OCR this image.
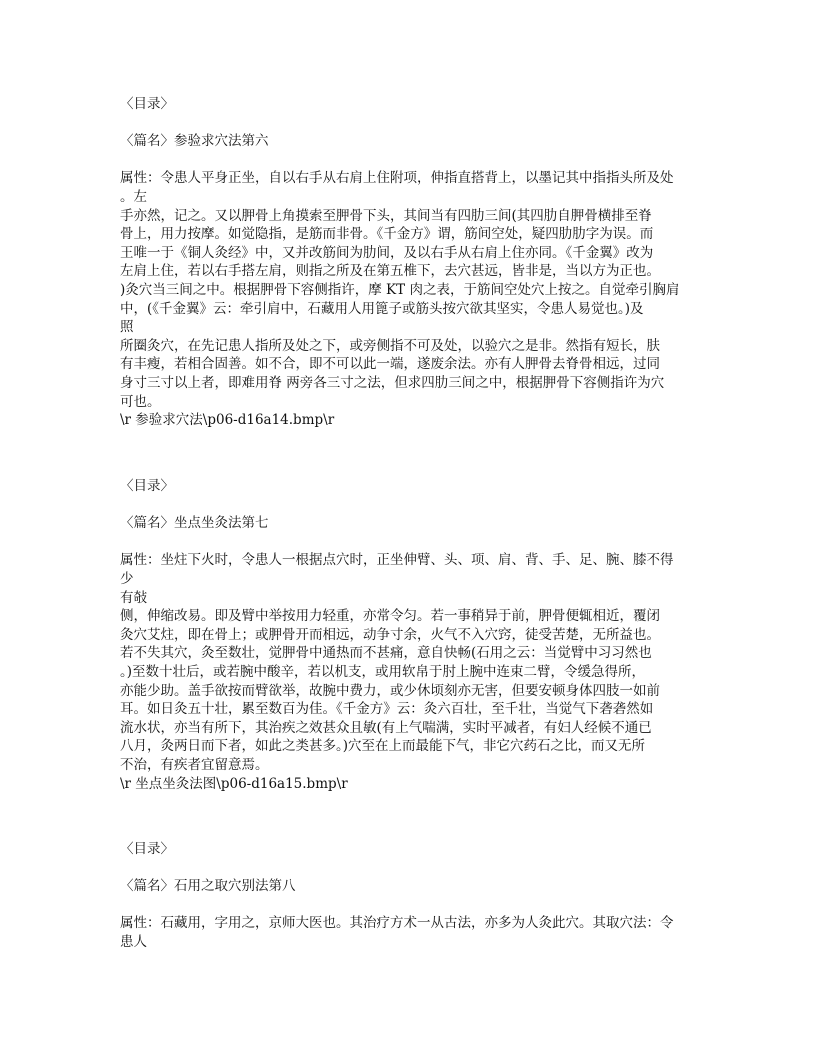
〈目录〉
〈篇名〉参验求穴法第六
属性：令患人平身正坐，自以右手从右肩上住附项，伸指直搭背上，以墨记其中指指头所及处
。左
手亦然，记之。又以胛骨上角摸索至胛骨下头，其间当有四肋三间(其四肋自胛骨横排至脊
骨上，用力按摩。如觉隐指，是筋而非骨。《千金方》谓，筋间空处，疑四肋肋字为误。而
王唯一于《铜人灸经》中，又并改筋间为肋间，及以右手从右肩上住亦同。《千金翼》改为
左肩上住，若以右手搭左肩，则指之所及在第五椎下，去穴甚远，皆非是，当以方为正也。
)灸穴当三间之中。根据胛骨下容侧指许，摩 KT 肉之表，于筋间空处穴上按之。自觉牵引胸肩
中，(《千金翼》云：牵引肩中，石藏用人用篦子或筋头按穴欲其坚实，令患人易觉也。)及
照
所圈灸穴，在先记患人指所及处之下，或旁侧指不可及处，以验穴之是非。然指有短长，肤
有丰瘦，若相合固善。如不合，即不可以此一端，遂废余法。亦有人胛骨去脊骨相远，过同
身寸三寸以上者，即难用脊 两旁各三寸之法，但求四肋三间之中，根据胛骨下容侧指许为穴
可也。
\r 参验求穴法\p06-d16a14.bmp\r
〈目录〉
〈篇名〉坐点坐灸法第七
属性：坐炷下火时，令患人一根据点穴时，正坐伸臂、头、项、肩、背、手、足、腕、膝不得
少
有敧
侧，伸缩改易。即及臂中举按用力轻重，亦常令匀。若一事稍异于前，胛骨便辄相近，覆闭
灸穴艾炷，即在骨上；或胛骨开而相远，动争寸余，火气不入穴窍，徒受苦楚，无所益也。
若不失其穴，灸至数壮，觉胛骨中通热而不甚痛，意自快畅(石用之云：当觉臂中习习然也
。)至数十壮后，或若腕中酸辛，若以机支，或用软帛于肘上腕中连束二臂，令缓急得所，
亦能少助。盖手欲按而臂欲举，故腕中费力，或少休顷刻亦无害，但要安顿身体四肢一如前
耳。如日灸五十壮，累至数百为佳。《千金方》云：灸六百壮，至千壮，当觉气下砻砻然如
流水状，亦当有所下，其治疾之效甚众且敏(有上气喘满，实时平减者，有妇人经候不通已
八月，灸两日而下者，如此之类甚多。)穴至在上而最能下气，非它穴药石之比，而又无所
不治，有疾者宜留意焉。
\r 坐点坐灸法图\p06-d16a15.bmp\r
〈目录〉
〈篇名〉石用之取穴别法第八
属性：石藏用，字用之，京师大医也。其治疗方术一从古法，亦多为人灸此穴。其取穴法：令
患人
